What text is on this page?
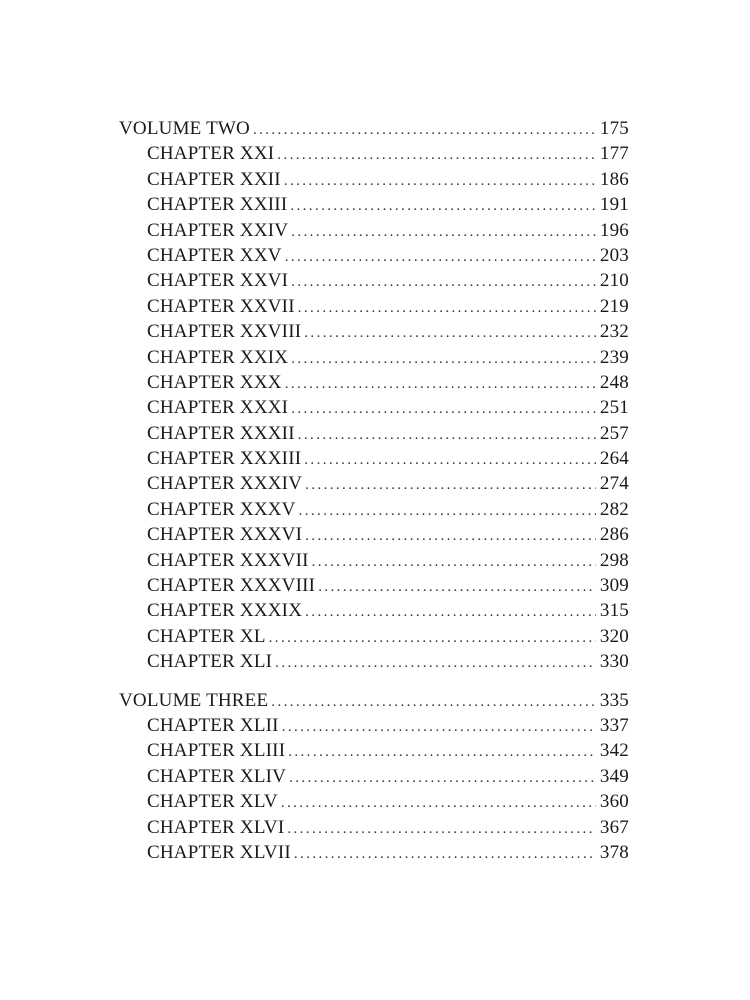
VOLUME TWO .....	175
CHAPTER XXI .....	177
CHAPTER XXII .....	186
CHAPTER XXIII .....	191
CHAPTER XXIV .....	196
CHAPTER XXV .....	203
CHAPTER XXVI .....	210
CHAPTER XXVII .....	219
CHAPTER XXVIII .....	232
CHAPTER XXIX .....	239
CHAPTER XXX .....	248
CHAPTER XXXI .....	251
CHAPTER XXXII .....	257
CHAPTER XXXIII .....	264
CHAPTER XXXIV .....	274
CHAPTER XXXV .....	282
CHAPTER XXXVI .....	286
CHAPTER XXXVII .....	298
CHAPTER XXXVIII .....	309
CHAPTER XXXIX .....	315
CHAPTER XL .....	320
CHAPTER XLI .....	330
VOLUME THREE .....	335
CHAPTER XLII .....	337
CHAPTER XLIII .....	342
CHAPTER XLIV .....	349
CHAPTER XLV .....	360
CHAPTER XLVI .....	367
CHAPTER XLVII .....	378
